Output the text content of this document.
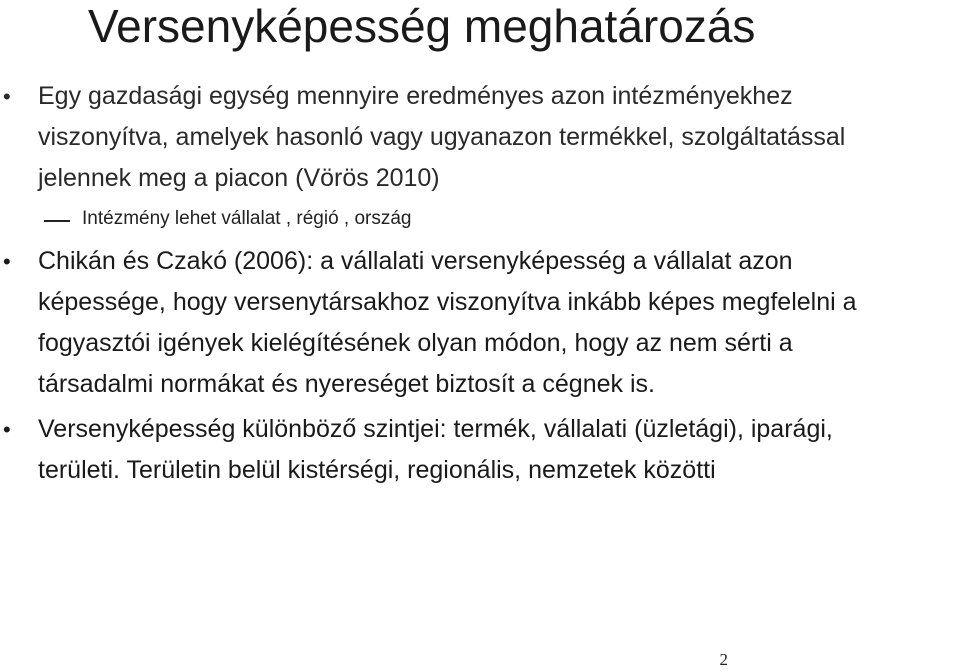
Versenyképesség meghatározás
• Egy gazdasági egység mennyire eredményes azon intézményekhez viszonyítva, amelyek hasonló vagy ugyanazon termékkel, szolgáltatással jelennek meg a piacon (Vörös 2010)
Intézmény lehet vállalat , régió , ország
• Chikán és Czakó (2006): a vállalati versenyképesség a vállalat azon képessége, hogy versenytársakhoz viszonyítva inkább képes megfelelni a fogyasztói igények kielégítésének olyan módon, hogy az nem sérti a társadalmi normákat és nyereséget biztosít a cégnek is.
• Versenyképesség különböző szintjei: termék, vállalati (üzletági), iparági, területi. Területin belül kistérségi, regionális, nemzetek közötti
2
